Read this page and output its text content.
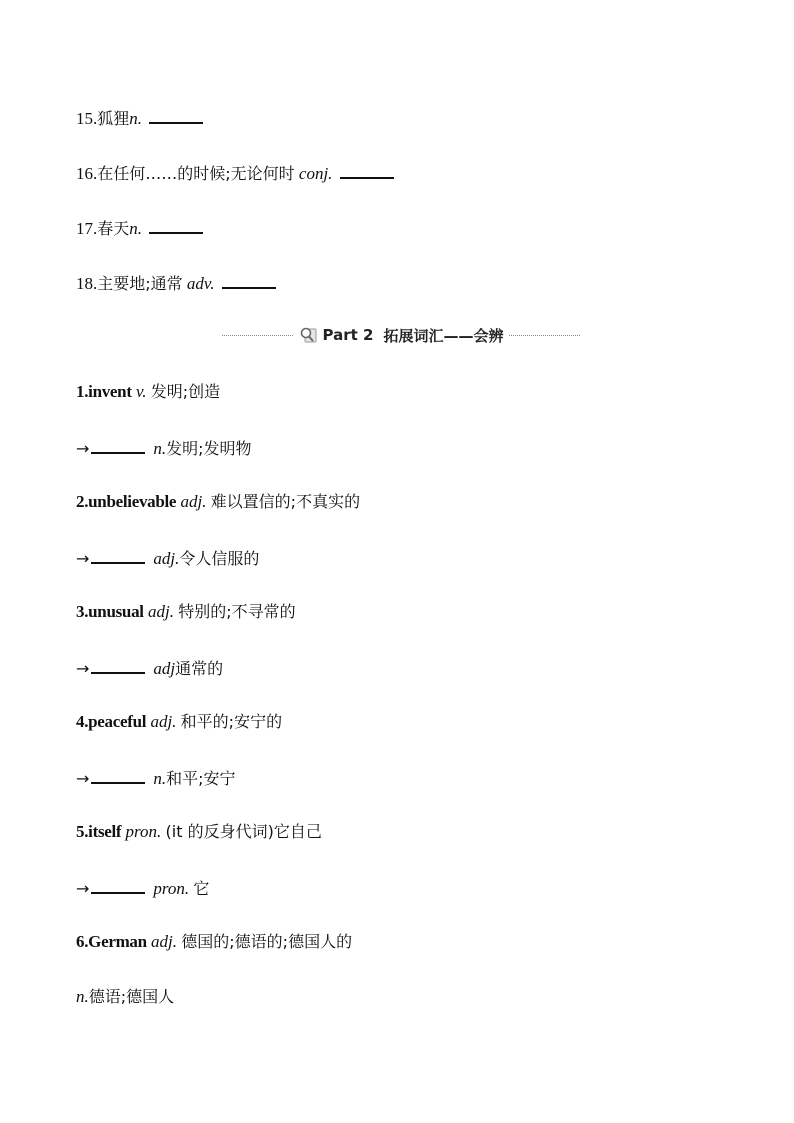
15.狐狸n.
16.在任何……的时候;无论何时 conj.
17.春天n.
18.主要地;通常 adv.
Part 2 拓展词汇——会辨
1.invent v. 发明;创造
→	n.发明;发明物
2.unbelievable adj. 难以置信的;不真实的
→	adj.令人信服的
3.unusual adj. 特别的;不寻常的
→	adj通常的
4.peaceful adj. 和平的;安宁的
→	n.和平;安宁
5.itself pron. (it 的反身代词)它自己
→	pron. 它
6.German adj. 德国的;德语的;德国人的
n.德语;德国人
